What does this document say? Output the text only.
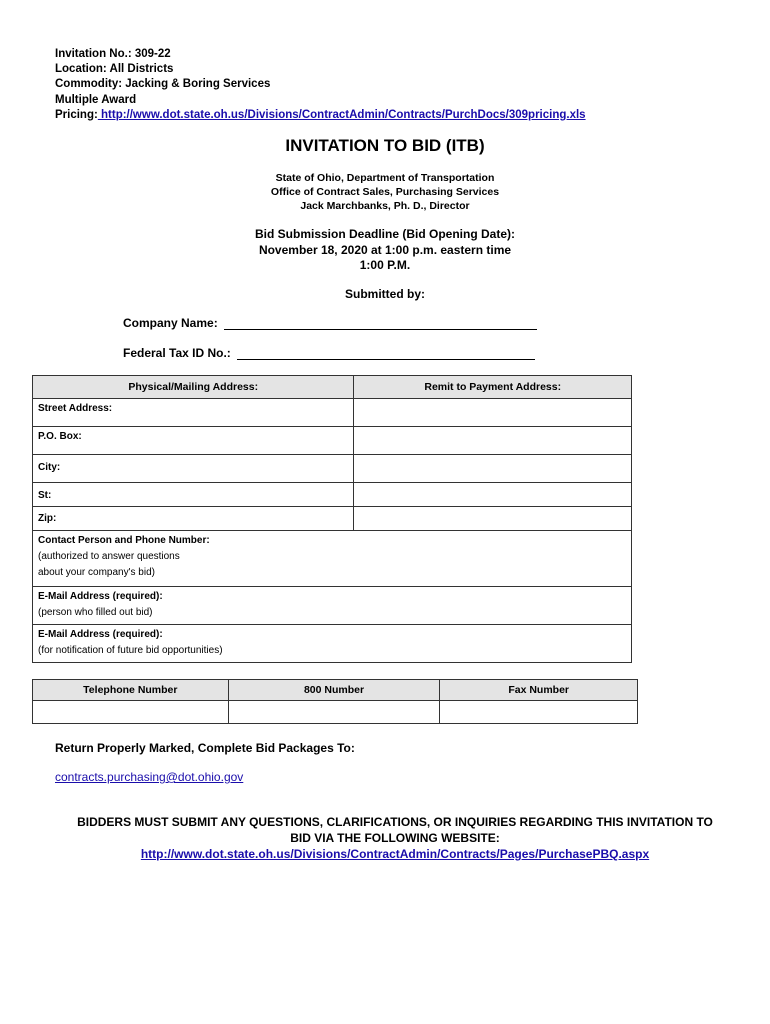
Invitation No.: 309-22
Location: All Districts
Commodity: Jacking & Boring Services
Multiple Award
Pricing: http://www.dot.state.oh.us/Divisions/ContractAdmin/Contracts/PurchDocs/309pricing.xls
INVITATION TO BID (ITB)
State of Ohio, Department of Transportation
Office of Contract Sales, Purchasing Services
Jack Marchbanks, Ph. D., Director
Bid Submission Deadline (Bid Opening Date):
November 18, 2020 at 1:00 p.m. eastern time
1:00 P.M.
Submitted by:
Company Name:
Federal Tax ID No.:
Physical/Mailing Address:	Remit to Payment Address:
Street Address:	
P.O. Box:	
City:	
St:	
Zip:	
Contact Person and Phone Number:
(authorized to answer questions
about your company's bid)	

E-Mail Address (required):
(person who filled out bid)	

E-Mail Address (required):
(for notification of future bid opportunities)	
Telephone Number	800 Number	Fax Number

Return Properly Marked, Complete Bid Packages To:
contracts.purchasing@dot.ohio.gov
BIDDERS MUST SUBMIT ANY QUESTIONS, CLARIFICATIONS, OR INQUIRIES REGARDING THIS INVITATION TO
BID VIA THE FOLLOWING WEBSITE:
http://www.dot.state.oh.us/Divisions/ContractAdmin/Contracts/Pages/PurchasePBQ.aspx
